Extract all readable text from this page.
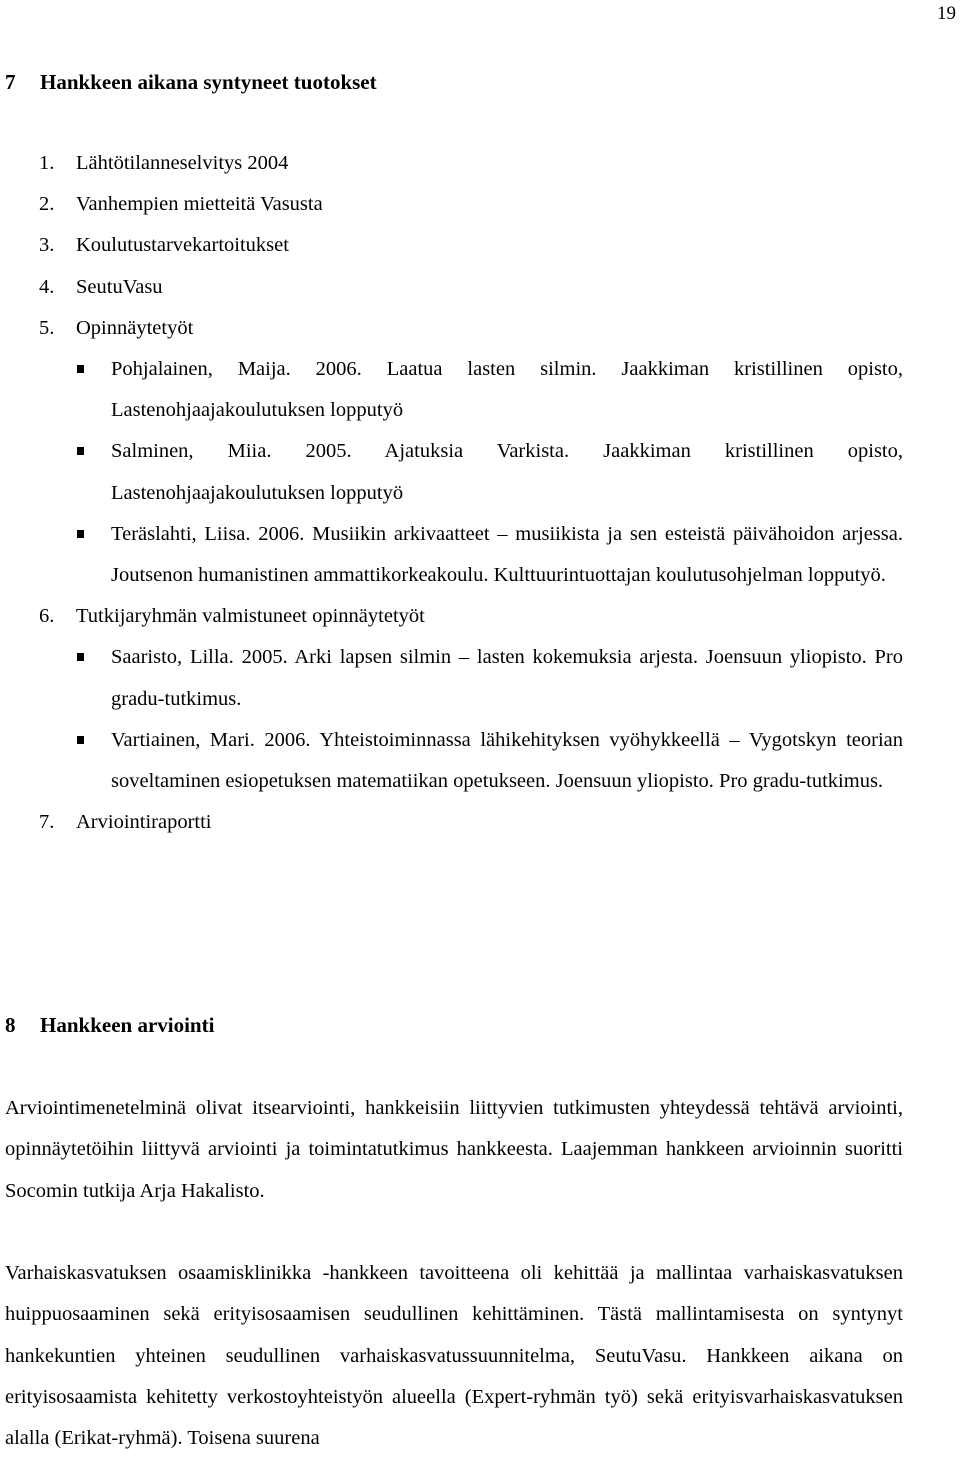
19
7 Hankkeen aikana syntyneet tuotokset
1. Lähtötilanneselvitys 2004
2. Vanhempien mietteitä Vasusta
3. Koulutustarvekartoitukset
4. SeutuVasu
5. Opinnäytetyöt
Pohjalainen, Maija. 2006. Laatua lasten silmin. Jaakkiman kristillinen opisto, Lastenohjaajakoulutuksen lopputyö
Salminen, Miia. 2005. Ajatuksia Varkista. Jaakkiman kristillinen opisto, Lastenohjaajakoulutuksen lopputyö
Teräslahti, Liisa. 2006. Musiikin arkivaatteet – musiikista ja sen esteistä päivähoidon arjessa. Joutsenon humanistinen ammattikorkeakoulu. Kulttuurintuottajan koulutusohjelman lopputyö.
6. Tutkijaryhmän valmistuneet opinnäytetyöt
Saaristo, Lilla. 2005. Arki lapsen silmin – lasten kokemuksia arjesta. Joensuun yliopisto. Pro gradu-tutkimus.
Vartiainen, Mari. 2006. Yhteistoiminnassa lähikehityksen vyöhykkeellä – Vygotskyn teorian soveltaminen esiopetuksen matematiikan opetukseen. Joensuun yliopisto. Pro gradu-tutkimus.
7. Arviointiraportti
8 Hankkeen arviointi

Arviointimenetelminä olivat itsearviointi, hankkeisiin liittyvien tutkimusten yhteydessä tehtävä arviointi, opinnäytetöihin liittyvä arviointi ja toimintatutkimus hankkeesta. Laajemman hankkeen arvioinnin suoritti Socomin tutkija Arja Hakalisto.

Varhaiskasvatuksen osaamisklinikka -hankkeen tavoitteena oli kehittää ja mallintaa varhaiskasvatuksen huippuosaaminen sekä erityisosaamisen seudullinen kehittäminen. Tästä mallintamisesta on syntynyt hankekuntien yhteinen seudullinen varhaiskasvatussuunnitelma, SeutuVasu. Hankkeen aikana on erityisosaamista kehitetty verkostoyhteistyön alueella (Expert-ryhmän työ) sekä erityisvarhaiskasvatuksen alalla (Erikat-ryhmä). Toisena suurena
